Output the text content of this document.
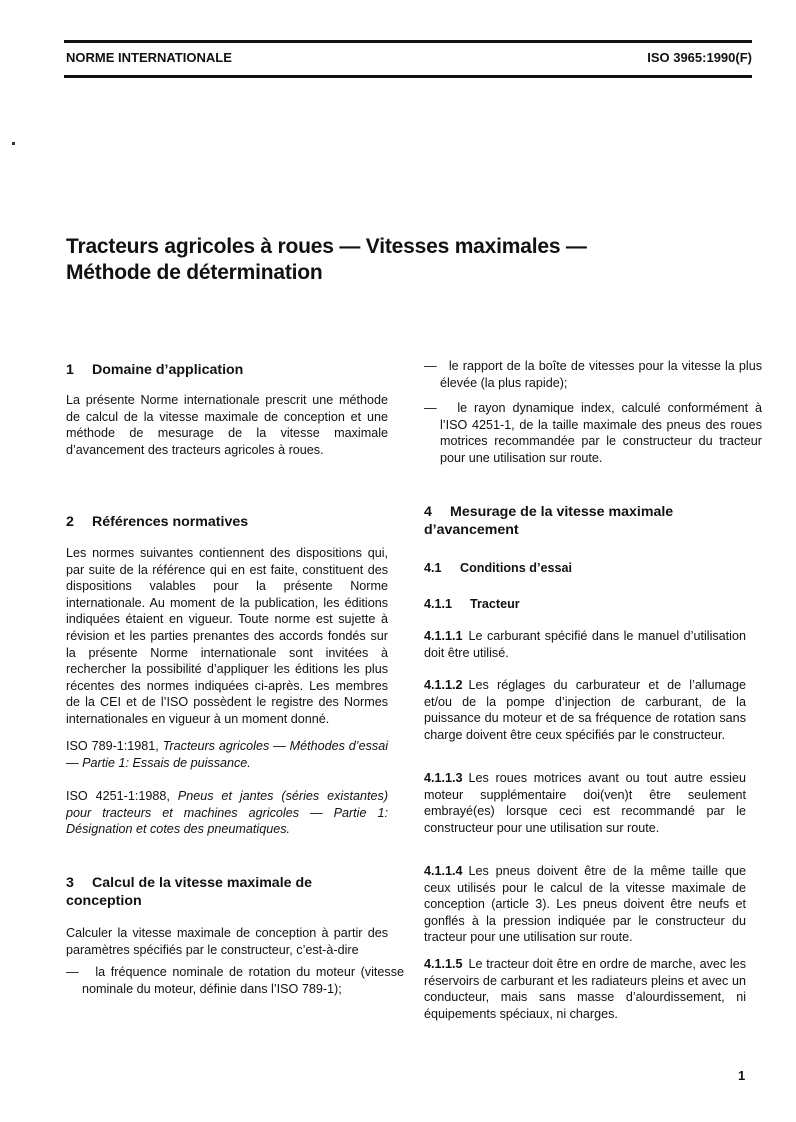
NORME INTERNATIONALE	ISO 3965:1990(F)
Tracteurs agricoles à roues — Vitesses maximales —
Méthode de détermination
1 Domaine d’application

La présente Norme internationale prescrit une méthode de calcul de la vitesse maximale de conception et une méthode de mesurage de la vitesse maximale d’avancement des tracteurs agricoles à roues.

2 Références normatives

Les normes suivantes contiennent des dispositions qui, par suite de la référence qui en est faite, constituent des dispositions valables pour la présente Norme internationale. Au moment de la publication, les éditions indiquées étaient en vigueur. Toute norme est sujette à révision et les parties prenantes des accords fondés sur la présente Norme internationale sont invitées à rechercher la possibilité d’appliquer les éditions les plus récentes des normes indiquées ci-après. Les membres de la CEI et de l’ISO possèdent le registre des Normes internationales en vigueur à un moment donné.

ISO 789-1:1981, Tracteurs agricoles — Méthodes d’essai — Partie 1: Essais de puissance.

ISO 4251-1:1988, Pneus et jantes (séries existantes) pour tracteurs et machines agricoles — Partie 1: Désignation et cotes des pneumatiques.

3 Calcul de la vitesse maximale de conception

Calculer la vitesse maximale de conception à partir des paramètres spécifiés par le constructeur, c’est-à-dire

— la fréquence nominale de rotation du moteur (vitesse nominale du moteur, définie dans l’ISO 789-1);

— le rapport de la boîte de vitesses pour la vitesse la plus élevée (la plus rapide);

— le rayon dynamique index, calculé conformément à l’ISO 4251-1, de la taille maximale des pneus des roues motrices recommandée par le constructeur du tracteur pour une utilisation sur route.

4 Mesurage de la vitesse maximale d’avancement
4.1 Conditions d’essai
4.1.1 Tracteur

4.1.1.1 Le carburant spécifié dans le manuel d’utilisation doit être utilisé.

4.1.1.2 Les réglages du carburateur et de l’allumage et/ou de la pompe d’injection de carburant, de la puissance du moteur et de sa fréquence de rotation sans charge doivent être ceux spécifiés par le constructeur.

4.1.1.3 Les roues motrices avant ou tout autre essieu moteur supplémentaire doi(ven)t être seulement embrayé(es) lorsque ceci est recommandé par le constructeur pour une utilisation sur route.

4.1.1.4 Les pneus doivent être de la même taille que ceux utilisés pour le calcul de la vitesse maximale de conception (article 3). Les pneus doivent être neufs et gonflés à la pression indiquée par le constructeur du tracteur pour une utilisation sur route.

4.1.1.5 Le tracteur doit être en ordre de marche, avec les réservoirs de carburant et les radiateurs pleins et avec un conducteur, mais sans masse d’alourdissement, ni équipements spéciaux, ni charges.

1
